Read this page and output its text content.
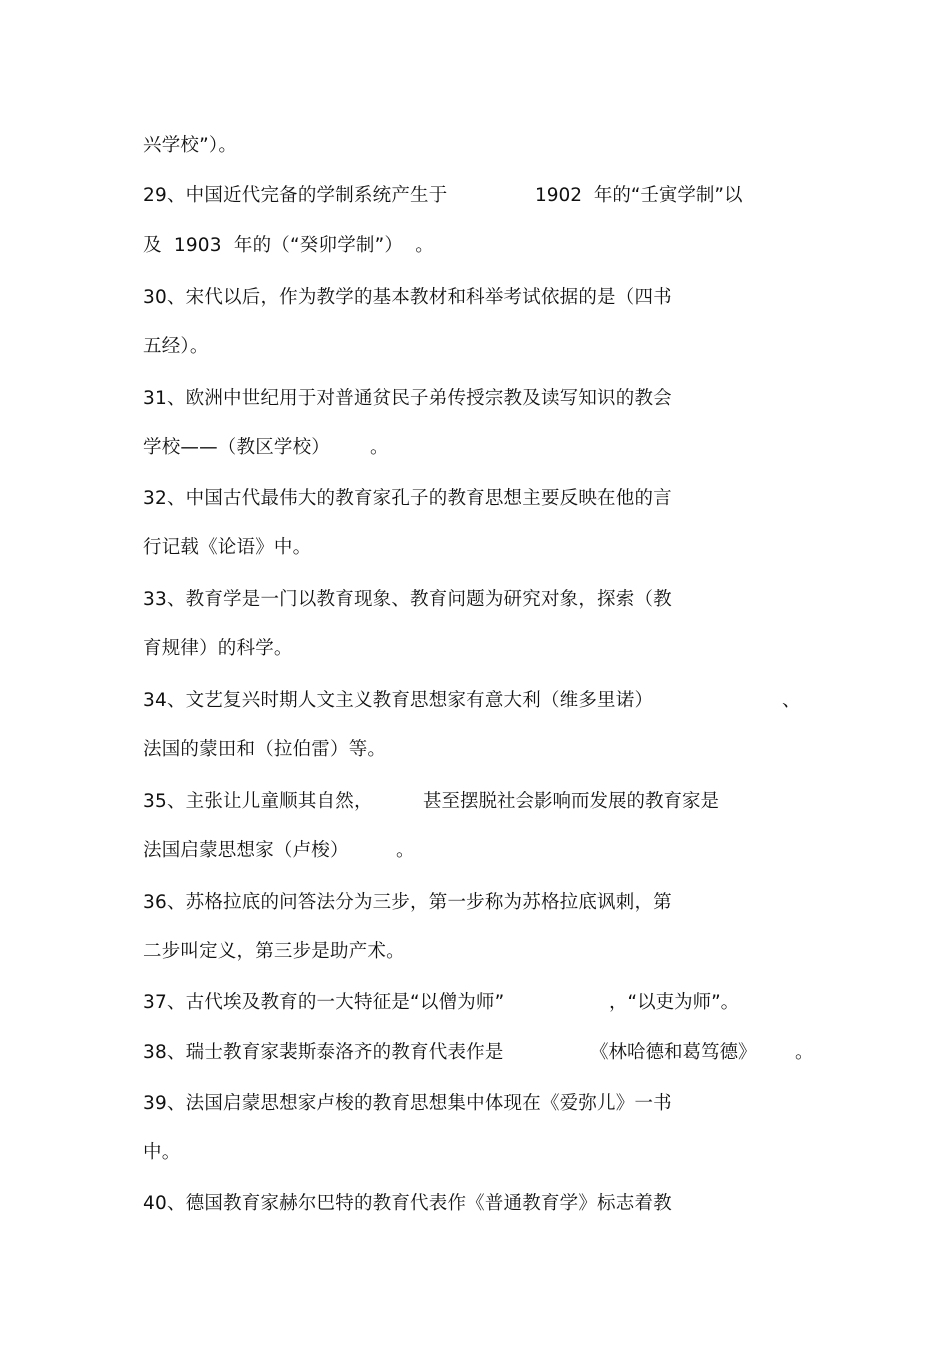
兴学校”）。
29、中国近代完备的学制系统产生于	1902  年的“壬寅学制”以
及  1903  年的（“癸卯学制”）  。
30、宋代以后，作为教学的基本教材和科举考试依据的是（四书
五经）。
31、欧洲中世纪用于对普通贫民子弟传授宗教及读写知识的教会
学校——（教区学校） 。
32、中国古代最伟大的教育家孔子的教育思想主要反映在他的言
行记载《论语》中。
33、教育学是一门以教育现象、教育问题为研究对象，探索（教
育规律）的科学。
34、文艺复兴时期人文主义教育思想家有意大利（维多里诺）	、
法国的蒙田和（拉伯雷）等。
35、主张让儿童顺其自然，	甚至摆脱社会影响而发展的教育家是
法国启蒙思想家（卢梭）	。
36、苏格拉底的问答法分为三步，第一步称为苏格拉底讽刺，第
二步叫定义，第三步是助产术。
37、古代埃及教育的一大特征是“以僧为师”	，“以吏为师”。
38、瑞士教育家裴斯泰洛齐的教育代表作是	《林哈德和葛笃德》 。
39、法国启蒙思想家卢梭的教育思想集中体现在《爱弥儿》一书
中。
40、德国教育家赫尔巴特的教育代表作《普通教育学》标志着教
